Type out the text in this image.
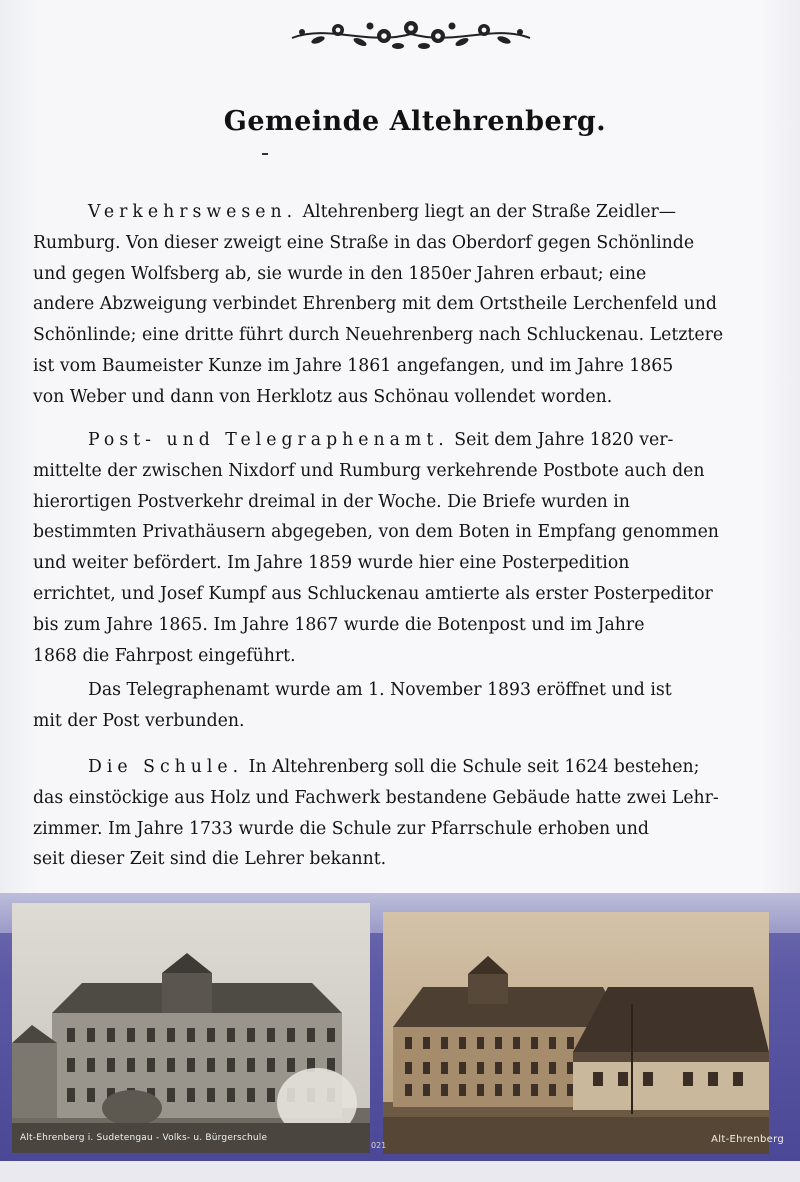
Gemeinde Altehrenberg.

Verkehrswesen. Altehrenberg liegt an der Straße Zeidler—

Rumburg. Von dieser zweigt eine Straße in das Oberdorf gegen Schönlinde

und gegen Wolfsberg ab, sie wurde in den 1850er Jahren erbaut; eine

andere Abzweigung verbindet Ehrenberg mit dem Ortstheile Lerchenfeld und

Schönlinde; eine dritte führt durch Neuehrenberg nach Schluckenau. Letztere

ist vom Baumeister Kunze im Jahre 1861 angefangen, und im Jahre 1865

von Weber und dann von Herklotz aus Schönau vollendet worden.

Post- und Telegraphenamt. Seit dem Jahre 1820 ver-

mittelte der zwischen Nixdorf und Rumburg verkehrende Postbote auch den

hierortigen Postverkehr dreimal in der Woche. Die Briefe wurden in

bestimmten Privathäusern abgegeben, von dem Boten in Empfang genommen

und weiter befördert. Im Jahre 1859 wurde hier eine Posterpedition

errichtet, und Josef Kumpf aus Schluckenau amtierte als erster Posterpeditor

bis zum Jahre 1865. Im Jahre 1867 wurde die Botenpost und im Jahre

1868 die Fahrpost eingeführt.

Das Telegraphenamt wurde am 1. November 1893 eröffnet und ist

mit der Post verbunden.

Die Schule. In Altehrenberg soll die Schule seit 1624 bestehen;

das einstöckige aus Holz und Fachwerk bestandene Gebäude hatte zwei Lehr-

zimmer. Im Jahre 1733 wurde die Schule zur Pfarrschule erhoben und

seit dieser Zeit sind die Lehrer bekannt.

Alt-Ehrenberg i. Sudetengau - Volks- u. Bürgerschule	Alt-Ehrenberg
021
